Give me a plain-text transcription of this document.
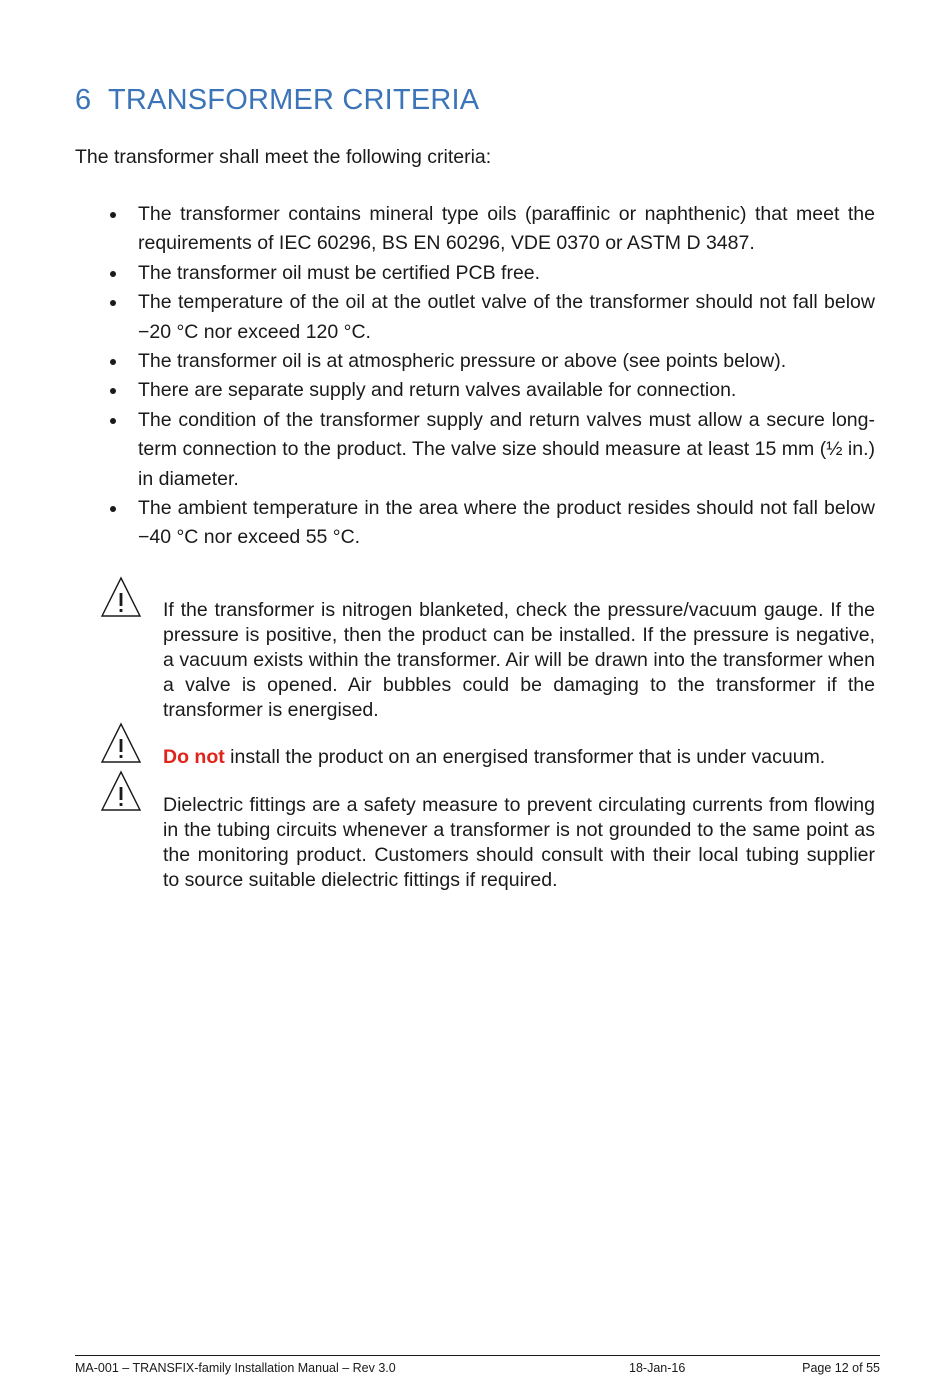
6 TRANSFORMER CRITERIA

The transformer shall meet the following criteria:

The transformer contains mineral type oils (paraffinic or naphthenic) that meet the requirements of IEC 60296, BS EN 60296, VDE 0370 or ASTM D 3487.
The transformer oil must be certified PCB free.
The temperature of the oil at the outlet valve of the transformer should not fall below −20 °C nor exceed 120 °C.
The transformer oil is at atmospheric pressure or above (see points below).
There are separate supply and return valves available for connection.
The condition of the transformer supply and return valves must allow a secure long-term connection to the product. The valve size should measure at least 15 mm (½ in.) in diameter.
The ambient temperature in the area where the product resides should not fall below −40 °C nor exceed 55 °C.
If the transformer is nitrogen blanketed, check the pressure/vacuum gauge. If the pressure is positive, then the product can be installed. If the pressure is negative, a vacuum exists within the transformer. Air will be drawn into the transformer when a valve is opened. Air bubbles could be damaging to the transformer if the transformer is energised.
Do not install the product on an energised transformer that is under vacuum.
Dielectric fittings are a safety measure to prevent circulating currents from flowing in the tubing circuits whenever a transformer is not grounded to the same point as the monitoring product. Customers should consult with their local tubing supplier to source suitable dielectric fittings if required.
MA-001 – TRANSFIX-family Installation Manual – Rev 3.0	18-Jan-16	Page 12 of 55
